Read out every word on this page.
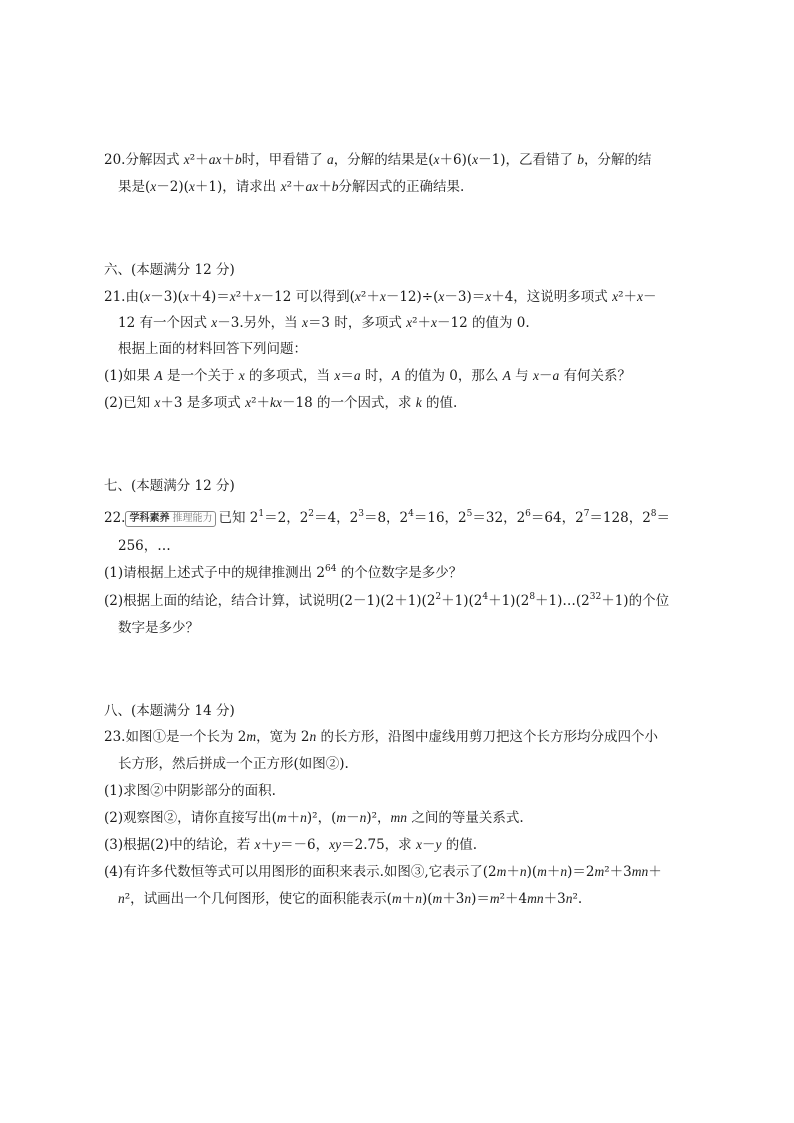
20.分解因式 x²＋ax＋b时，甲看错了 a，分解的结果是(x＋6)(x－1)，乙看错了 b，分解的结
果是(x－2)(x＋1)，请求出 x²＋ax＋b分解因式的正确结果.
六、(本题满分 12 分)
21.由(x－3)(x＋4)＝x²＋x－12 可以得到(x²＋x－12)÷(x－3)＝x＋4，这说明多项式 x²＋x－
12 有一个因式 x－3.另外，当 x＝3 时，多项式 x²＋x－12 的值为 0.
根据上面的材料回答下列问题：
(1)如果 A 是一个关于 x 的多项式，当 x＝a 时，A 的值为 0，那么 A 与 x－a 有何关系？
(2)已知 x＋3 是多项式 x²＋kx－18 的一个因式，求 k 的值.
七、(本题满分 12 分)
22. 学科素养 推理能力 已知 $2^1=2$，$2^2=4$，$2^3=8$，$2^4=16$，$2^5=32$，$2^6=64$，$2^7=128$，$2^8=$
256，…
(1)请根据上述式子中的规律推测出 $2^{64}$ 的个位数字是多少？
(2)根据上面的结论，结合计算，试说明$(2-1)(2+1)(2^2+1)(2^4+1)(2^8+1)\dots(2^{32}+1)$的个位
数字是多少？
八、(本题满分 14 分)
23.如图①是一个长为 2m，宽为 2n 的长方形，沿图中虚线用剪刀把这个长方形均分成四个小
长方形，然后拼成一个正方形(如图②).
(1)求图②中阴影部分的面积.
(2)观察图②，请你直接写出(m＋n)²，(m－n)²，mn 之间的等量关系式.
(3)根据(2)中的结论，若 x＋y＝－6，xy＝2.75，求 x－y 的值.
(4)有许多代数恒等式可以用图形的面积来表示.如图③,它表示了(2m＋n)(m＋n)＝2m²＋3mn＋
n²，试画出一个几何图形，使它的面积能表示(m＋n)(m＋3n)＝m²＋4mn＋3n².
